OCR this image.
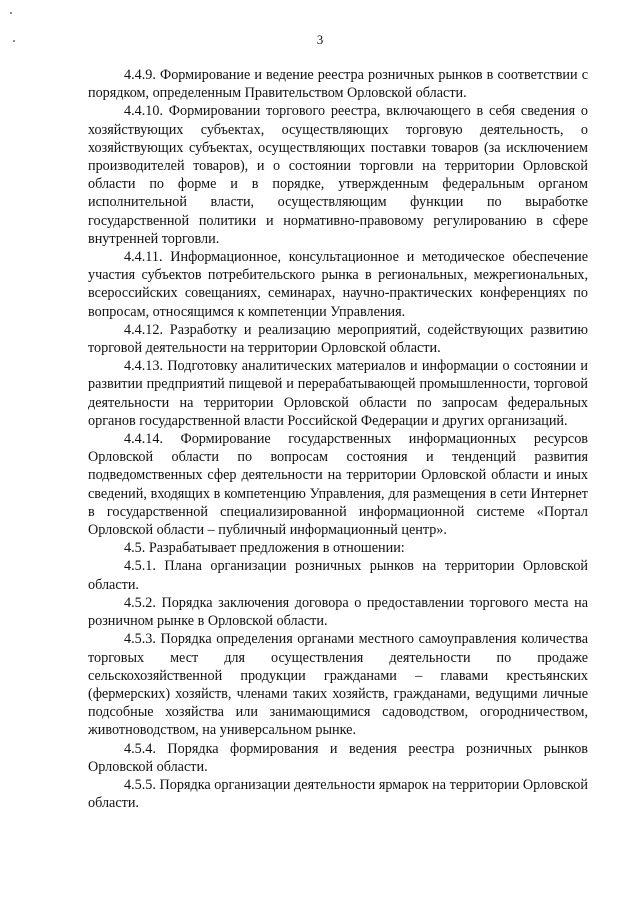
3

4.4.9. Формирование и ведение реестра розничных рынков в соответствии с порядком, определенным Правительством Орловской области.

4.4.10. Формировании торгового реестра, включающего в себя сведения о хозяйствующих субъектах, осуществляющих торговую деятельность, о хозяйствующих субъектах, осуществляющих поставки товаров (за исключением производителей товаров), и о состоянии торговли на территории Орловской области по форме и в порядке, утвержденным федеральным органом исполнительной власти, осуществляющим функции по выработке государственной политики и нормативно-правовому регулированию в сфере внутренней торговли.

4.4.11. Информационное, консультационное и методическое обеспечение участия субъектов потребительского рынка в региональных, межрегиональных, всероссийских совещаниях, семинарах, научно-практических конференциях по вопросам, относящимся к компетенции Управления.

4.4.12. Разработку и реализацию мероприятий, содействующих развитию торговой деятельности на территории Орловской области.

4.4.13. Подготовку аналитических материалов и информации о состоянии и развитии предприятий пищевой и перерабатывающей промышленности, торговой деятельности на территории Орловской области по запросам федеральных органов государственной власти Российской Федерации и других организаций.

4.4.14. Формирование государственных информационных ресурсов Орловской области по вопросам состояния и тенденций развития подведомственных сфер деятельности на территории Орловской области и иных сведений, входящих в компетенцию Управления, для размещения в сети Интернет в государственной специализированной информационной системе «Портал Орловской области – публичный информационный центр».

4.5. Разрабатывает предложения в отношении:

4.5.1. Плана организации розничных рынков на территории Орловской области.

4.5.2. Порядка заключения договора о предоставлении торгового места на розничном рынке в Орловской области.

4.5.3. Порядка определения органами местного самоуправления количества торговых мест для осуществления деятельности по продаже сельскохозяйственной продукции гражданами – главами крестьянских (фермерских) хозяйств, членами таких хозяйств, гражданами, ведущими личные подсобные хозяйства или занимающимися садоводством, огородничеством, животноводством, на универсальном рынке.

4.5.4. Порядка формирования и ведения реестра розничных рынков Орловской области.

4.5.5. Порядка организации деятельности ярмарок на территории Орловской области.
